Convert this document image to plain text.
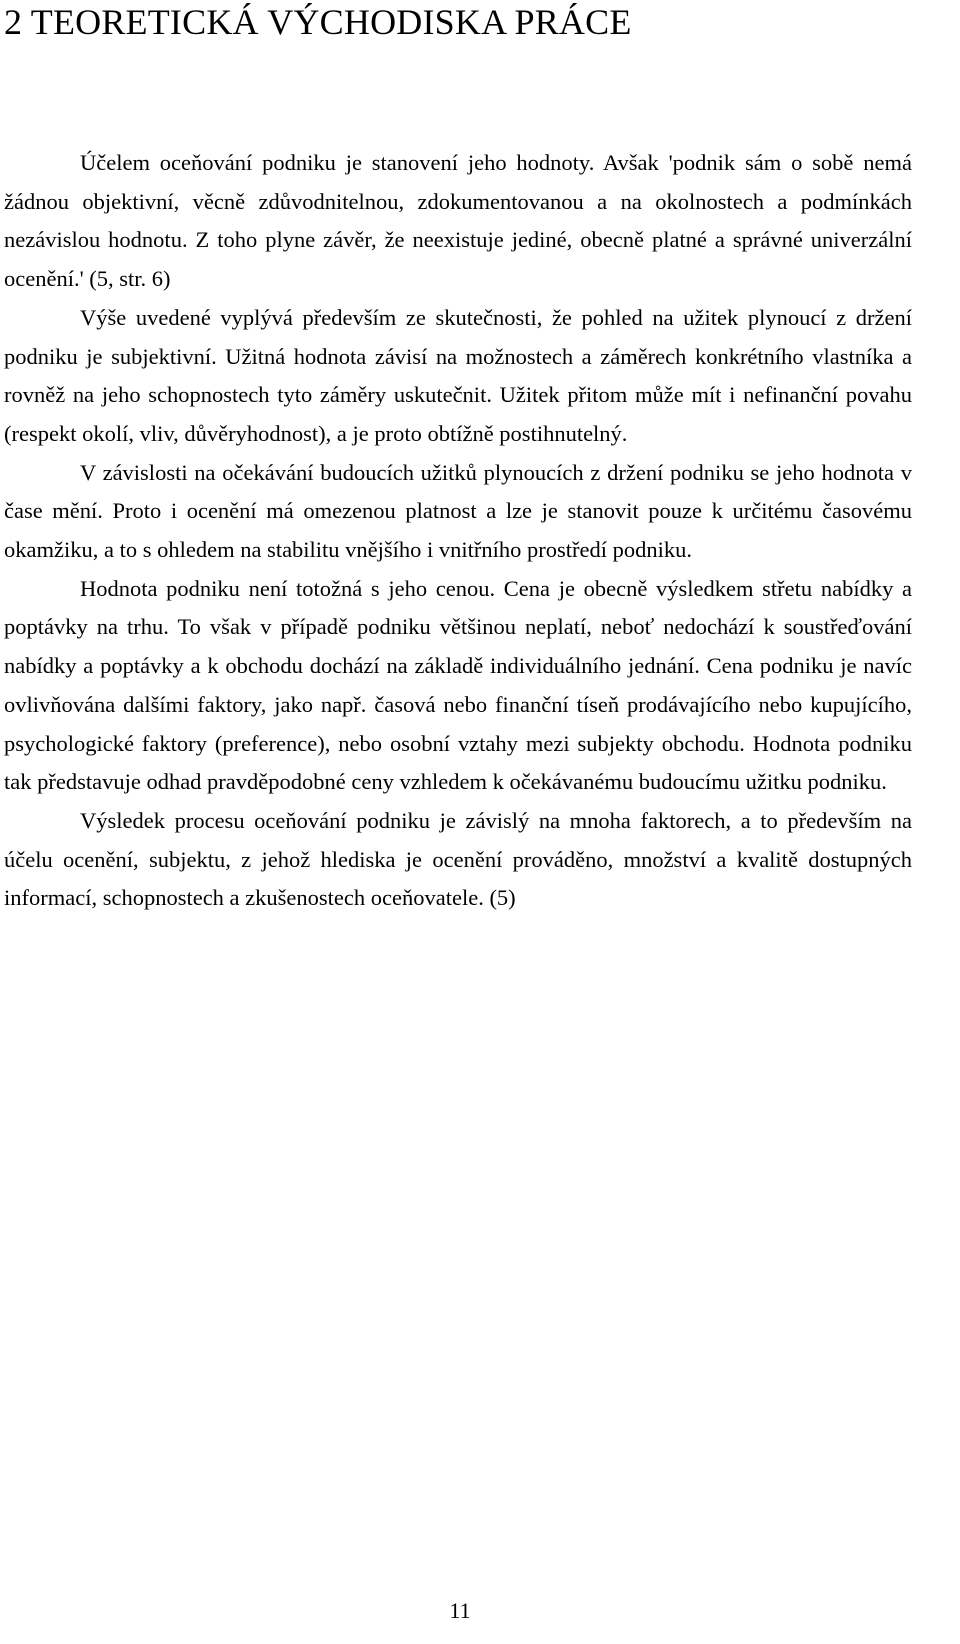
2 TEORETICKÁ VÝCHODISKA PRÁCE

Účelem oceňování podniku je stanovení jeho hodnoty. Avšak 'podnik sám o sobě nemá žádnou objektivní, věcně zdůvodnitelnou, zdokumentovanou a na okolnostech a podmínkách nezávislou hodnotu. Z toho plyne závěr, že neexistuje jediné, obecně platné a správné univerzální ocenění.' (5, str. 6)

Výše uvedené vyplývá především ze skutečnosti, že pohled na užitek plynoucí z držení podniku je subjektivní. Užitná hodnota závisí na možnostech a záměrech konkrétního vlastníka a rovněž na jeho schopnostech tyto záměry uskutečnit. Užitek přitom může mít i nefinanční povahu (respekt okolí, vliv, důvěryhodnost), a je proto obtížně postihnutelný.

V závislosti na očekávání budoucích užitků plynoucích z držení podniku se jeho hodnota v čase mění. Proto i ocenění má omezenou platnost a lze je stanovit pouze k určitému časovému okamžiku, a to s ohledem na stabilitu vnějšího i vnitřního prostředí podniku.

Hodnota podniku není totožná s jeho cenou. Cena je obecně výsledkem střetu nabídky a poptávky na trhu. To však v případě podniku většinou neplatí, neboť nedochází k soustřeďování nabídky a poptávky a k obchodu dochází na základě individuálního jednání. Cena podniku je navíc ovlivňována dalšími faktory, jako např. časová nebo finanční tíseň prodávajícího nebo kupujícího, psychologické faktory (preference), nebo osobní vztahy mezi subjekty obchodu. Hodnota podniku tak představuje odhad pravděpodobné ceny vzhledem k očekávanému budoucímu užitku podniku.

Výsledek procesu oceňování podniku je závislý na mnoha faktorech, a to především na účelu ocenění, subjektu, z jehož hlediska je ocenění prováděno, množství a kvalitě dostupných informací, schopnostech a zkušenostech oceňovatele. (5)

11
